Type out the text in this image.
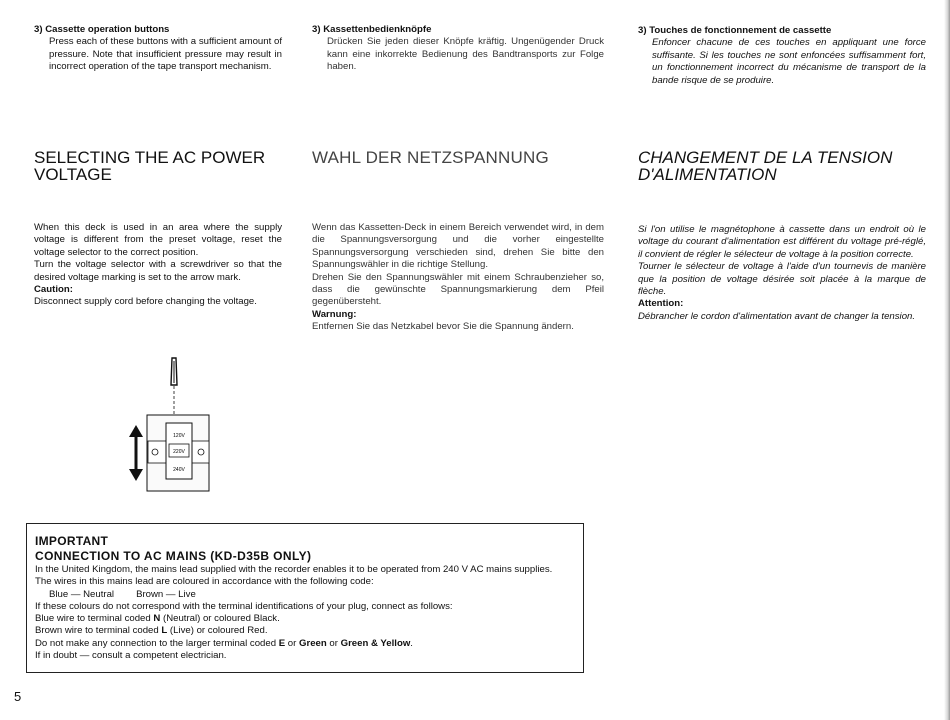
3) Cassette operation buttons
Press each of these buttons with a sufficient amount of pressure. Note that insufficient pressure may result in incorrect operation of the tape transport mechanism.
3) Kassettenbedienknöpfe
Drücken Sie jeden dieser Knöpfe kräftig. Ungenügender Druck kann eine inkorrekte Bedienung des Bandtransports zur Folge haben.
3) Touches de fonctionnement de cassette
Enfoncer chacune de ces touches en appliquant une force suffisante. Si les touches ne sont enfoncées suffisamment fort, un fonctionnement incorrect du mécanisme de transport de la bande risque de se produire.
SELECTING THE AC POWER VOLTAGE
WAHL DER NETZSPANNUNG	CHANGEMENT DE LA TENSION D'ALIMENTATION
When this deck is used in an area where the supply voltage is different from the preset voltage, reset the voltage selector to the correct position.
Turn the voltage selector with a screwdriver so that the desired voltage marking is set to the arrow mark.
Caution:
Disconnect supply cord before changing the voltage.
Wenn das Kassetten-Deck in einem Bereich verwendet wird, in dem die Spannungsversorgung und die vorher eingestellte Spannungsversorgung verschieden sind, drehen Sie bitte den Spannungswähler in die richtige Stellung.
Drehen Sie den Spannungswähler mit einem Schraubenzieher so, dass die gewünschte Spannungsmarkierung dem Pfeil gegenübersteht.
Warnung:
Entfernen Sie das Netzkabel bevor Sie die Spannung ändern.
Si l'on utilise le magnétophone à cassette dans un endroit où le voltage du courant d'alimentation est différent du voltage pré-réglé, il convient de régler le sélecteur de voltage à la position correcte.
Tourner le sélecteur de voltage à l'aide d'un tournevis de manière que la position de voltage désirée soit placée à la marque de flèche.
Attention:
Débrancher le cordon d'alimentation avant de changer la tension.
120V
220V
240V
IMPORTANT
CONNECTION TO AC MAINS (KD-D35B ONLY)
In the United Kingdom, the mains lead supplied with the recorder enables it to be operated from 240 V AC mains supplies.
The wires in this mains lead are coloured in accordance with the following code:
Blue — Neutral Brown — Live
If these colours do not correspond with the terminal identifications of your plug, connect as follows:
Blue wire to terminal coded N (Neutral) or coloured Black.
Brown wire to terminal coded L (Live) or coloured Red.
Do not make any connection to the larger terminal coded E or Green or Green & Yellow.
If in doubt — consult a competent electrician.
5
